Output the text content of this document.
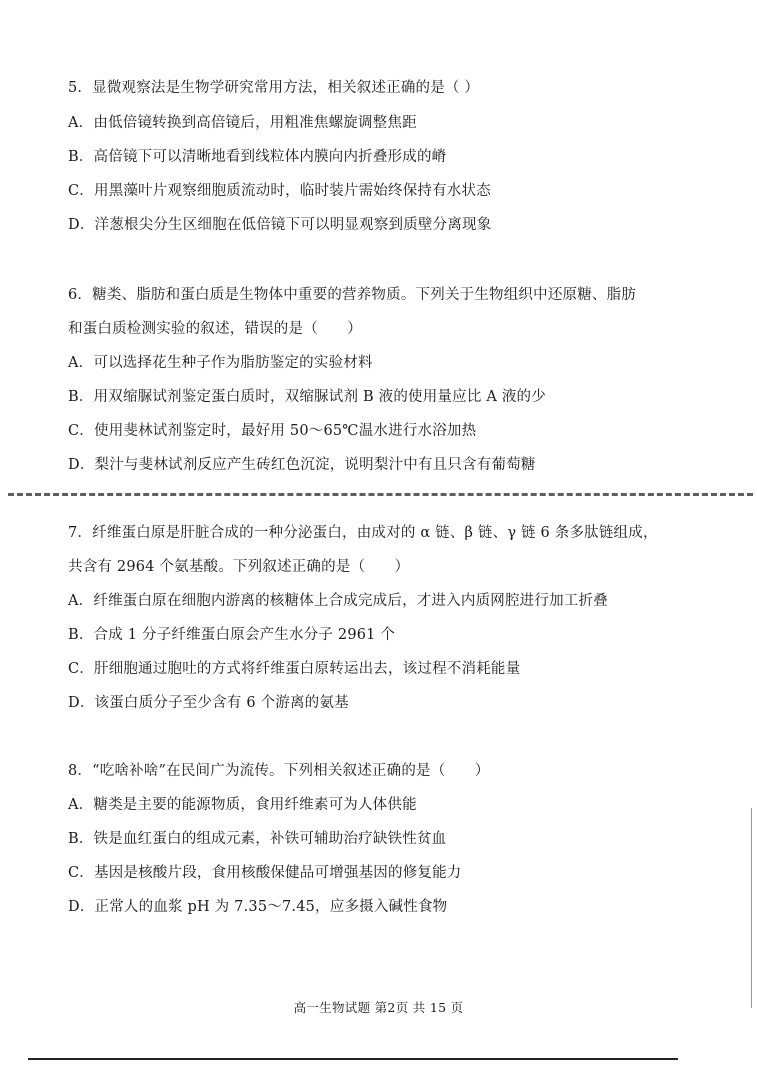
5．显微观察法是生物学研究常用方法，相关叙述正确的是（ ）
A．由低倍镜转换到高倍镜后，用粗准焦螺旋调整焦距
B．高倍镜下可以清晰地看到线粒体内膜向内折叠形成的嵴
C．用黑藻叶片观察细胞质流动时，临时装片需始终保持有水状态
D．洋葱根尖分生区细胞在低倍镜下可以明显观察到质壁分离现象
6．糖类、脂肪和蛋白质是生物体中重要的营养物质。下列关于生物组织中还原糖、脂肪
和蛋白质检测实验的叙述，错误的是（　　）
A．可以选择花生种子作为脂肪鉴定的实验材料
B．用双缩脲试剂鉴定蛋白质时，双缩脲试剂 B 液的使用量应比 A 液的少
C．使用斐林试剂鉴定时，最好用 50～65℃温水进行水浴加热
D．梨汁与斐林试剂反应产生砖红色沉淀，说明梨汁中有且只含有葡萄糖
7．纤维蛋白原是肝脏合成的一种分泌蛋白，由成对的 α 链、β 链、γ 链 6 条多肽链组成，
共含有 2964 个氨基酸。下列叙述正确的是（　　）
A．纤维蛋白原在细胞内游离的核糖体上合成完成后，才进入内质网腔进行加工折叠
B．合成 1 分子纤维蛋白原会产生水分子 2961 个
C．肝细胞通过胞吐的方式将纤维蛋白原转运出去，该过程不消耗能量
D．该蛋白质分子至少含有 6 个游离的氨基
8．“吃啥补啥”在民间广为流传。下列相关叙述正确的是（　　）
A．糖类是主要的能源物质，食用纤维素可为人体供能
B．铁是血红蛋白的组成元素，补铁可辅助治疗缺铁性贫血
C．基因是核酸片段，食用核酸保健品可增强基因的修复能力
D．正常人的血浆 pH 为 7.35～7.45，应多摄入碱性食物
高一生物试题 第2页 共 15 页
